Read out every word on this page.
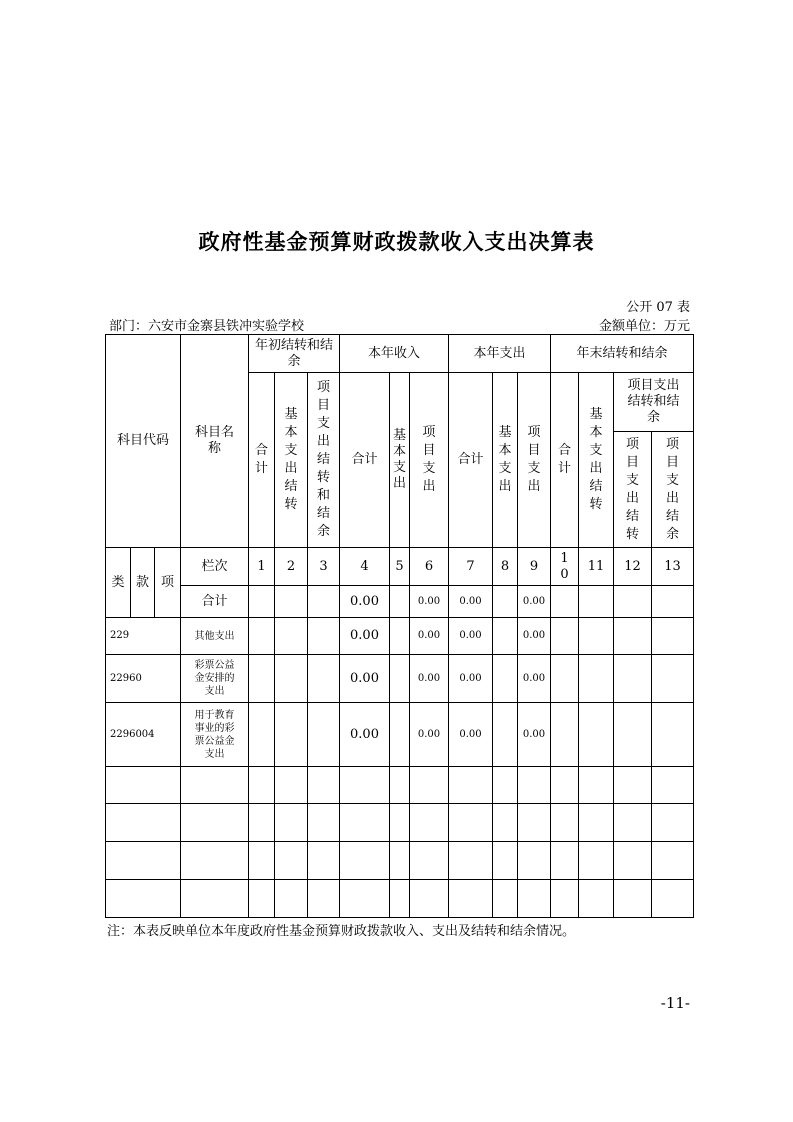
政府性基金预算财政拨款收入支出决算表
公开 07 表
部门：六安市金寨县铁冲实验学校	金额单位：万元
科目代码			科目名称	年初结转和结余			本年收入			本年支出			年末结转和结余			
				合计	基本支出结转	项目支出结转和结余	合计	基本支出	项目支出	合计	基本支出	项目支出	合计	基本支出结转	项目支出结转和结余	
															项目支出结转	项目支出结余
类	款	项	栏次	1	2	3	4	5	6	7	8	9	10	11	12	13
			合计				0.00		0.00	0.00		0.00				
229			其他支出				0.00		0.00	0.00		0.00				
22960			彩票公益金安排的支出				0.00		0.00	0.00		0.00				
2296004			用于教育事业的彩票公益金支出				0.00		0.00	0.00		0.00				

注：本表反映单位本年度政府性基金预算财政拨款收入、支出及结转和结余情况。
-11-
